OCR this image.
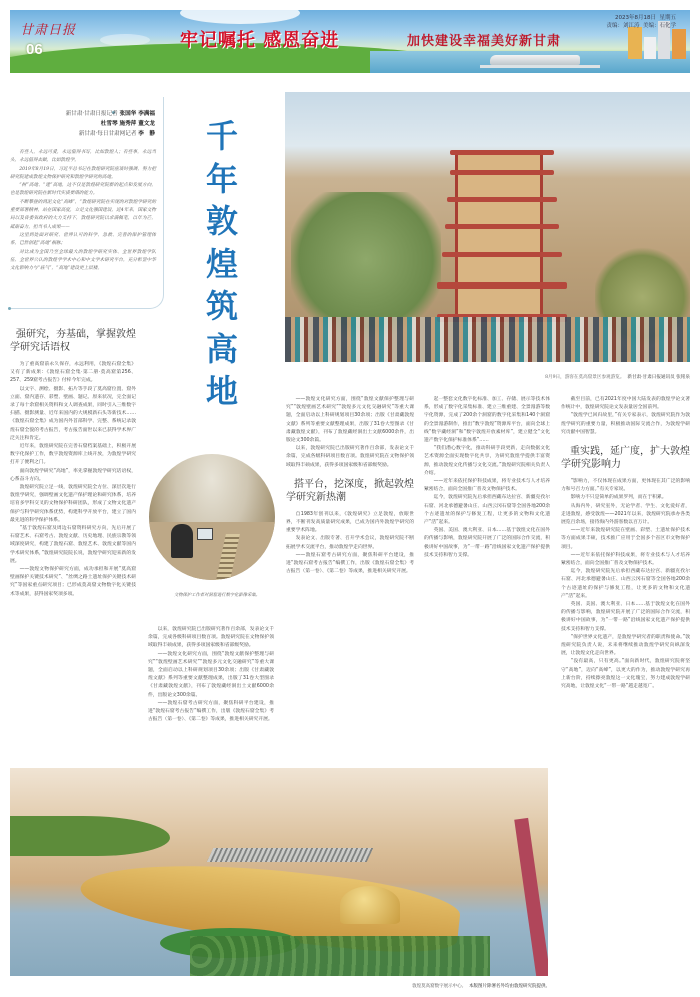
甘肃日报
06	牢记嘱托 感恩奋进	加快建设幸福美好新甘肃
2023年8月18日 星期五
责编：刘江涛 美编：石化学
新甘肃·甘肃日报记者 张国华 李满福
杜雪琴 施秀萍 董文龙
新甘肃·每日甘肃网记者 李　静

有些人，永远可爱，永远值得书写，比如敦煌人；有些事，永远当头，永远值得去做，比如敦煌学。

2019年8月19日，习近平总书记在敦煌研究院座谈时强调，努力把研究院建成敦煌文物保护研究和敦煌学研究的高地。

“树”高地、“建”高地，这不仅是敦煌研究院新的起点和发展方向，也是敦煌研究院在新时代实质要塔的能力。

不断攀登的鸿泥文化“高峰”，“敦煌研究院在实现的对敦煌学研究的重要部署精神，站在国家高度，立足文化强国建设，近4年来，国家文物局以及省委省政府的大力支持下，敦煌研究院以求满佩笔，以年为芒，砥砺奋力，担当书人成果——

这里到处面对研究、世界认可的科学、急救、完善的保护管理体系，已然创起“高地”根脉；

对比成为全国乃至全球最大的敦煌学研究实体、全世界敦煌学队伍、全世界公认的敦煌学学术中心和中文学术研究平台，充分彰显中华文化影响力与“底气”，“高地”建设更上层楼。

千
年
敦
煌
筑
高
地	8月9日，游客在莫高窟景区参观游览。 新甘肃·甘肃日报通讯员 张铭泉
文物保护工作者对洞窟进行数字化影像采集。
强研究，夯基础，掌握敦煌
学研究话语权

为了重高窟前永久保存，永远利用，《敦煌石窟全集》又有了新成果：《敦煌石窟全集·第二册·莫高窟第256、257、259窟考古报告》付梓今年完成。

以文字、测绘、摄影、拓片等手段了莫高窟位置、窟外立面、窟内遗存、彩塑、壁画、题记、原来状况，完全面记录了每十余窟相关资料和文人调查成果，同时引入三维数字扫描、摄影测量、近年来国内的大规模新石头等新技术……《敦煌石窟全集》成为国内外首部科学、完整、系统记录敦煌石窟全貌的考古报告，考古报告面世以来已获得学术界广泛关注和肯定。

近年来，敦煌研究院在完善石窟档案基础上，积极开展数字化保护工作，数字敦煌资源库上线开放，为敦煌学研究打开了便利之门。

面向敦煌学研究“高地”，率先掌握敦煌学研究话语权，心系奋斗方向。

敦煌研究院立足一线，敦煌研究院全方位、深层次进行敦煌学研究，强调壁画文化遗产保护理论和研究体系，培养培育多学科交叉的文物保护科研团队，形成了文物文化遗产保护与科学研究体系优势，构建科学开放平台，建立了国内最先进的科学保护体系。

“基于敦煌石窟及周边石窟资料研究方向，先后开展了石窟艺术、石窟考古、敦煌文献、历史地理、民族宗教等领域深度研究，构建了敦煌石窟、敦煌艺术、敦煌文献等国内学术研究体系，”敦煌研究院院长说，敦煌学研究迎来新的发展。

——敦煌文物保护研究方面，成功承担和开展“莫高窟壁画保护关键技术研究”、“丝绸之路土遗址保护关键技术研究”等国家重点研究项目；已形成莫高窟文物数字化关键技术等成果，获得国家奖项多项。

以来，敦煌研究院已出版研究著作百余部，发表论文千余篇，完成各级科研项目数百项。敦煌研究院在文物保护领域取得丰硕成果，获得多项国家级和省部级奖励。

——敦煌文化研究方面，围绕“敦煌文献保护整理与研究”“敦煌壁画艺术研究”“敦煌多元文化交融研究”等重大课题，全面启动以上科研规划项目30余项；出版《甘肃藏敦煌文献》系列等重要文献整理成果，出版了31卷大型图录《甘肃藏敦煌文献》，刊布了敦煌藏经洞出土文献6000余件，出版论文300余篇。

——敦煌石窟考古研究方面，聚焦科研平台建设，推进“敦煌石窟考古报告”编撰工作，出版《敦煌石窟全集》考古报告（第一卷）、《第二卷》等成果，推进相关研究开展。

——敦煌文化研究方面，围绕“敦煌文献保护整理与研究”“敦煌壁画艺术研究”“敦煌多元文化交融研究”等重大课题，全面启动以上科研规划项目30余项；出版《甘肃藏敦煌文献》系列等重要文献整理成果，出版了31卷大型图录《甘肃藏敦煌文献》，刊布了敦煌藏经洞出土文献6000余件，出版论文300余篇。

以来，敦煌研究院已出版研究著作百余部，发表论文千余篇，完成各级科研项目数百项。敦煌研究院在文物保护领域取得丰硕成果，获得多项国家级和省部级奖励。

搭平台，挖深度，掀起敦煌
学研究新热潮

自1983年创刊以来，《敦煌研究》立足敦煌，放眼世界，不断刊发高质量研究成果，已成为国内外敦煌学研究的重要学术阵地。

发表论文、出版专著、召开学术会议，敦煌研究院不断拓展学术交流平台，推动敦煌学走向世界。

——敦煌石窟考古研究方面，聚焦科研平台建设，推进“敦煌石窟考古报告”编撰工作，出版《敦煌石窟全集》考古报告（第一卷）、《第二卷》等成果，推进相关研究开展。

起一整套文化数字化标准、加工、存储、展示等技术体系，形成了数字化采集标准、建立三维重建、全景漫游等数字化资源，完成了200余个洞窟的数字化采集和140个洞窟的全景漫游制作，推出“数字敦煌”资源库平台，面向全球上线“数字藏经洞”和“数字敦煌开放素材库”，建立健全“文化遗产数字化保护标准体系”……

“我们潜心数字化，推动科研手段更新，走向数据文化艺术资源全面实现数字化共享，为研究敦煌学提供丰富资源，推动敦煌文化传播与文化交流。”敦煌研究院相关负责人介绍。

——近年来依托保护科技成果，将专业技术与人才培养紧密结合，面向全国推广普及文物保护技术。

迄今，敦煌研究院先后承担西藏布达拉宫、新疆克孜尔石窟、河北承德避暑山庄、山西云冈石窟等全国各地200余个古迹遗址的保护与修复工程，让更多的文物和文化遗产“活”起来。

英国、美国、澳大利亚、日本……基于敦煌文化在国外的传播与影响，敦煌研究院开展了广泛的国际合作交流，积极讲好中国故事，为“一带一路”沿线国家文化遗产保护提供技术支持和智力支撑。

截至目前，已有2021年度中国大陆发表的敦煌学论文著作统计中，敦煌研究院论文发表量居全国前列。

“敦煌学已回归故里，”有关专家表示，敦煌研究院作为敦煌学研究的重要力量，积极推动国际交流合作，为敦煌学研究贡献中国智慧。

重实践，延广度，扩大敦煌
学研究影响力

“影响力，不仅体现在成果方面，更体现在其广泛的影响力和号召力方面。”有关专家说。

影响力不只是简单的成果罗列，而在于积累。

从海内外，研究室外，无论学者、学生、文化爱好者，走进敦煌，感受敦煌——2021年以来，敦煌研究院承办各类展览百余场，接待海内外游客数以百万计。

——近年来敦煌研究院在壁画、彩塑、土遗址保护技术等方面成果丰硕，技术推广应用于全国多个省区市文物保护项目。

——近年来依托保护科技成果，将专业技术与人才培养紧密结合，面向全国推广普及文物保护技术。

迄今，敦煌研究院先后承担西藏布达拉宫、新疆克孜尔石窟、河北承德避暑山庄、山西云冈石窟等全国各地200余个古迹遗址的保护与修复工程，让更多的文物和文化遗产“活”起来。

英国、美国、澳大利亚、日本……基于敦煌文化在国外的传播与影响，敦煌研究院开展了广泛的国际合作交流，积极讲好中国故事，为“一带一路”沿线国家文化遗产保护提供技术支持和智力支撑。

“保护世界文化遗产，是敦煌学研究者的职责和使命。”敦煌研究院负责人说，未来将继续推动敦煌学研究向纵深发展，让敦煌文化走向世界。

“没有最高，只有更高。”面向新时代，敦煌研究院将坚守“高地”，迈向“高峰”，以更大的作为，推动敦煌学研究再上新台阶，持续擦亮敦煌这一文化瑰宝，努力建成敦煌学研究高地，让敦煌文化“一带一路”越走越宽广。

敦煌莫高窟数字展示中心。 本版图片除署名外均由敦煌研究院提供。
